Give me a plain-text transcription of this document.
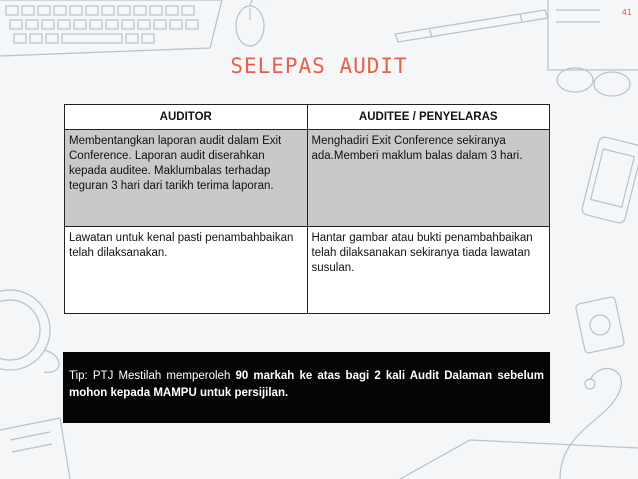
41
SELEPAS AUDIT
AUDITOR	AUDITEE / PENYELARAS
Membentangkan laporan audit dalam Exit Conference. Laporan audit diserahkan kepada auditee. Maklumbalas terhadap teguran 3 hari dari tarikh terima laporan.	Menghadiri Exit Conference sekiranya ada.Memberi maklum balas dalam 3 hari.
Lawatan untuk kenal pasti penambahbaikan telah dilaksanakan.	Hantar gambar atau bukti penambahbaikan telah dilaksanakan sekiranya tiada lawatan susulan.
Tip: PTJ Mestilah memperoleh 90 markah ke atas bagi 2 kali Audit Dalaman sebelum mohon kepada MAMPU untuk persijilan.
